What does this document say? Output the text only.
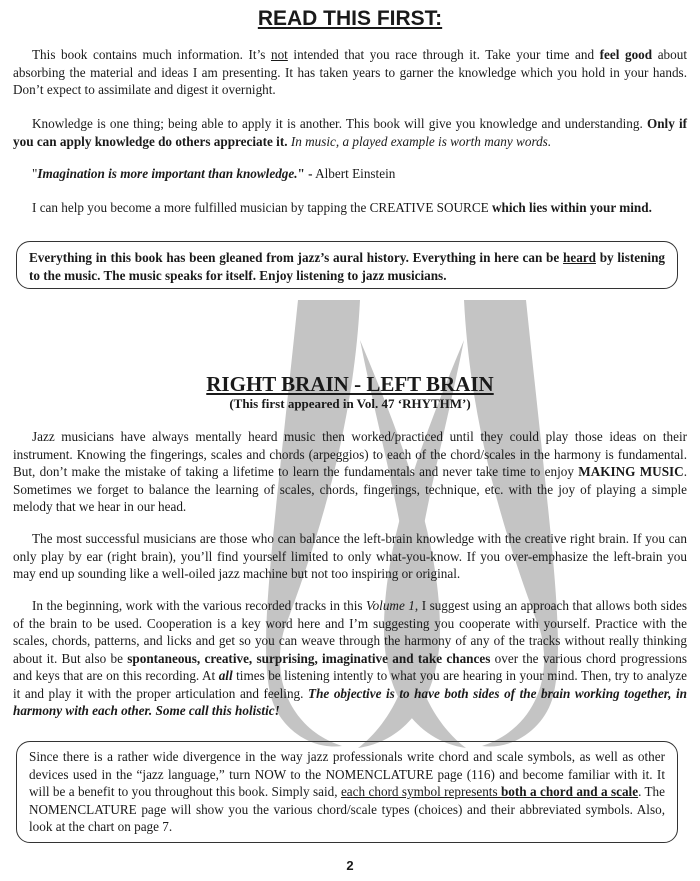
READ THIS FIRST:

This book contains much information. It’s not intended that you race through it. Take your time and feel good about absorbing the material and ideas I am presenting. It has taken years to garner the knowledge which you hold in your hands. Don’t expect to assimilate and digest it overnight.

Knowledge is one thing; being able to apply it is another. This book will give you knowledge and understanding. Only if you can apply knowledge do others appreciate it. In music, a played example is worth many words.

"Imagination is more important than knowledge." - Albert Einstein

I can help you become a more fulfilled musician by tapping the CREATIVE SOURCE which lies within your mind.

Everything in this book has been gleaned from jazz’s aural history. Everything in here can be heard by listening to the music. The music speaks for itself. Enjoy listening to jazz musicians.

RIGHT BRAIN - LEFT BRAIN
(This first appeared in Vol. 47 ‘RHYTHM’)

Jazz musicians have always mentally heard music then worked/practiced until they could play those ideas on their instrument. Knowing the fingerings, scales and chords (arpeggios) to each of the chord/scales in the harmony is fundamental. But, don’t make the mistake of taking a lifetime to learn the fundamentals and never take time to enjoy MAKING MUSIC. Sometimes we forget to balance the learning of scales, chords, fingerings, technique, etc. with the joy of playing a simple melody that we hear in our head.

The most successful musicians are those who can balance the left-brain knowledge with the creative right brain. If you can only play by ear (right brain), you’ll find yourself limited to only what-you-know. If you over-emphasize the left-brain you may end up sounding like a well-oiled jazz machine but not too inspiring or original.

In the beginning, work with the various recorded tracks in this Volume 1, I suggest using an approach that allows both sides of the brain to be used. Cooperation is a key word here and I’m suggesting you cooperate with yourself. Practice with the scales, chords, patterns, and licks and get so you can weave through the harmony of any of the tracks without really thinking about it. But also be spontaneous, creative, surprising, imaginative and take chances over the various chord progressions and keys that are on this recording. At all times be listening intently to what you are hearing in your mind. Then, try to analyze it and play it with the proper articulation and feeling. The objective is to have both sides of the brain working together, in harmony with each other. Some call this holistic!

Since there is a rather wide divergence in the way jazz professionals write chord and scale symbols, as well as other devices used in the “jazz language,” turn NOW to the NOMENCLATURE page (116) and become familiar with it. It will be a benefit to you throughout this book. Simply said, each chord symbol represents both a chord and a scale. The NOMENCLATURE page will show you the various chord/scale types (choices) and their abbreviated symbols. Also, look at the chart on page 7.

2
